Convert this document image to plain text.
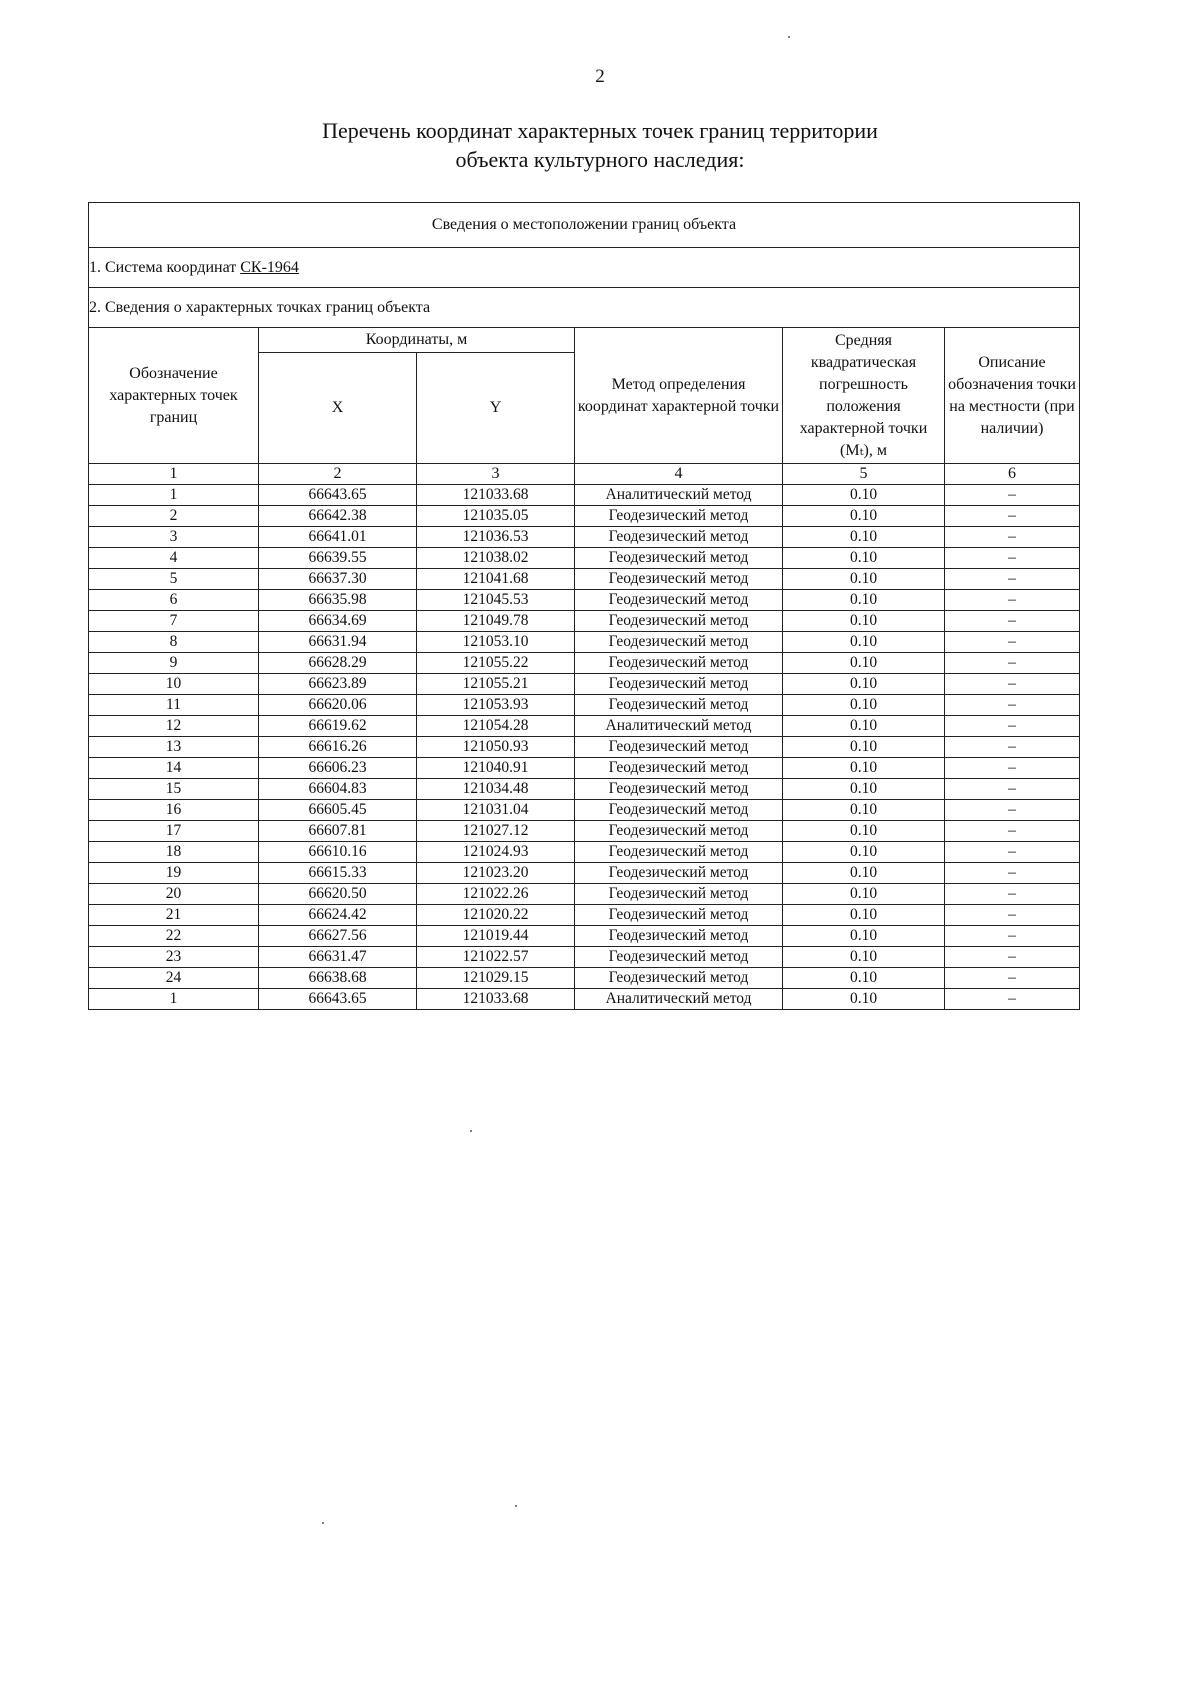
2
Перечень координат характерных точек границ территории
объекта культурного наследия:
Сведения о местоположении границ объекта					
1. Система координат СК-1964					
2. Сведения о характерных точках границ объекта					
Обозначение характерных точек границ	Координаты, м		Метод определения координат характерной точки	Средняя квадратическая погрешность положения характерной точки (Mₜ), м	Описание обозначения точки на местности (при наличии)
	X	Y			
1	2	3	4	5	6
1	66643.65	121033.68	Аналитический метод	0.10	–
2	66642.38	121035.05	Геодезический метод	0.10	–
3	66641.01	121036.53	Геодезический метод	0.10	–
4	66639.55	121038.02	Геодезический метод	0.10	–
5	66637.30	121041.68	Геодезический метод	0.10	–
6	66635.98	121045.53	Геодезический метод	0.10	–
7	66634.69	121049.78	Геодезический метод	0.10	–
8	66631.94	121053.10	Геодезический метод	0.10	–
9	66628.29	121055.22	Геодезический метод	0.10	–
10	66623.89	121055.21	Геодезический метод	0.10	–
11	66620.06	121053.93	Геодезический метод	0.10	–
12	66619.62	121054.28	Аналитический метод	0.10	–
13	66616.26	121050.93	Геодезический метод	0.10	–
14	66606.23	121040.91	Геодезический метод	0.10	–
15	66604.83	121034.48	Геодезический метод	0.10	–
16	66605.45	121031.04	Геодезический метод	0.10	–
17	66607.81	121027.12	Геодезический метод	0.10	–
18	66610.16	121024.93	Геодезический метод	0.10	–
19	66615.33	121023.20	Геодезический метод	0.10	–
20	66620.50	121022.26	Геодезический метод	0.10	–
21	66624.42	121020.22	Геодезический метод	0.10	–
22	66627.56	121019.44	Геодезический метод	0.10	–
23	66631.47	121022.57	Геодезический метод	0.10	–
24	66638.68	121029.15	Геодезический метод	0.10	–
1	66643.65	121033.68	Аналитический метод	0.10	–
